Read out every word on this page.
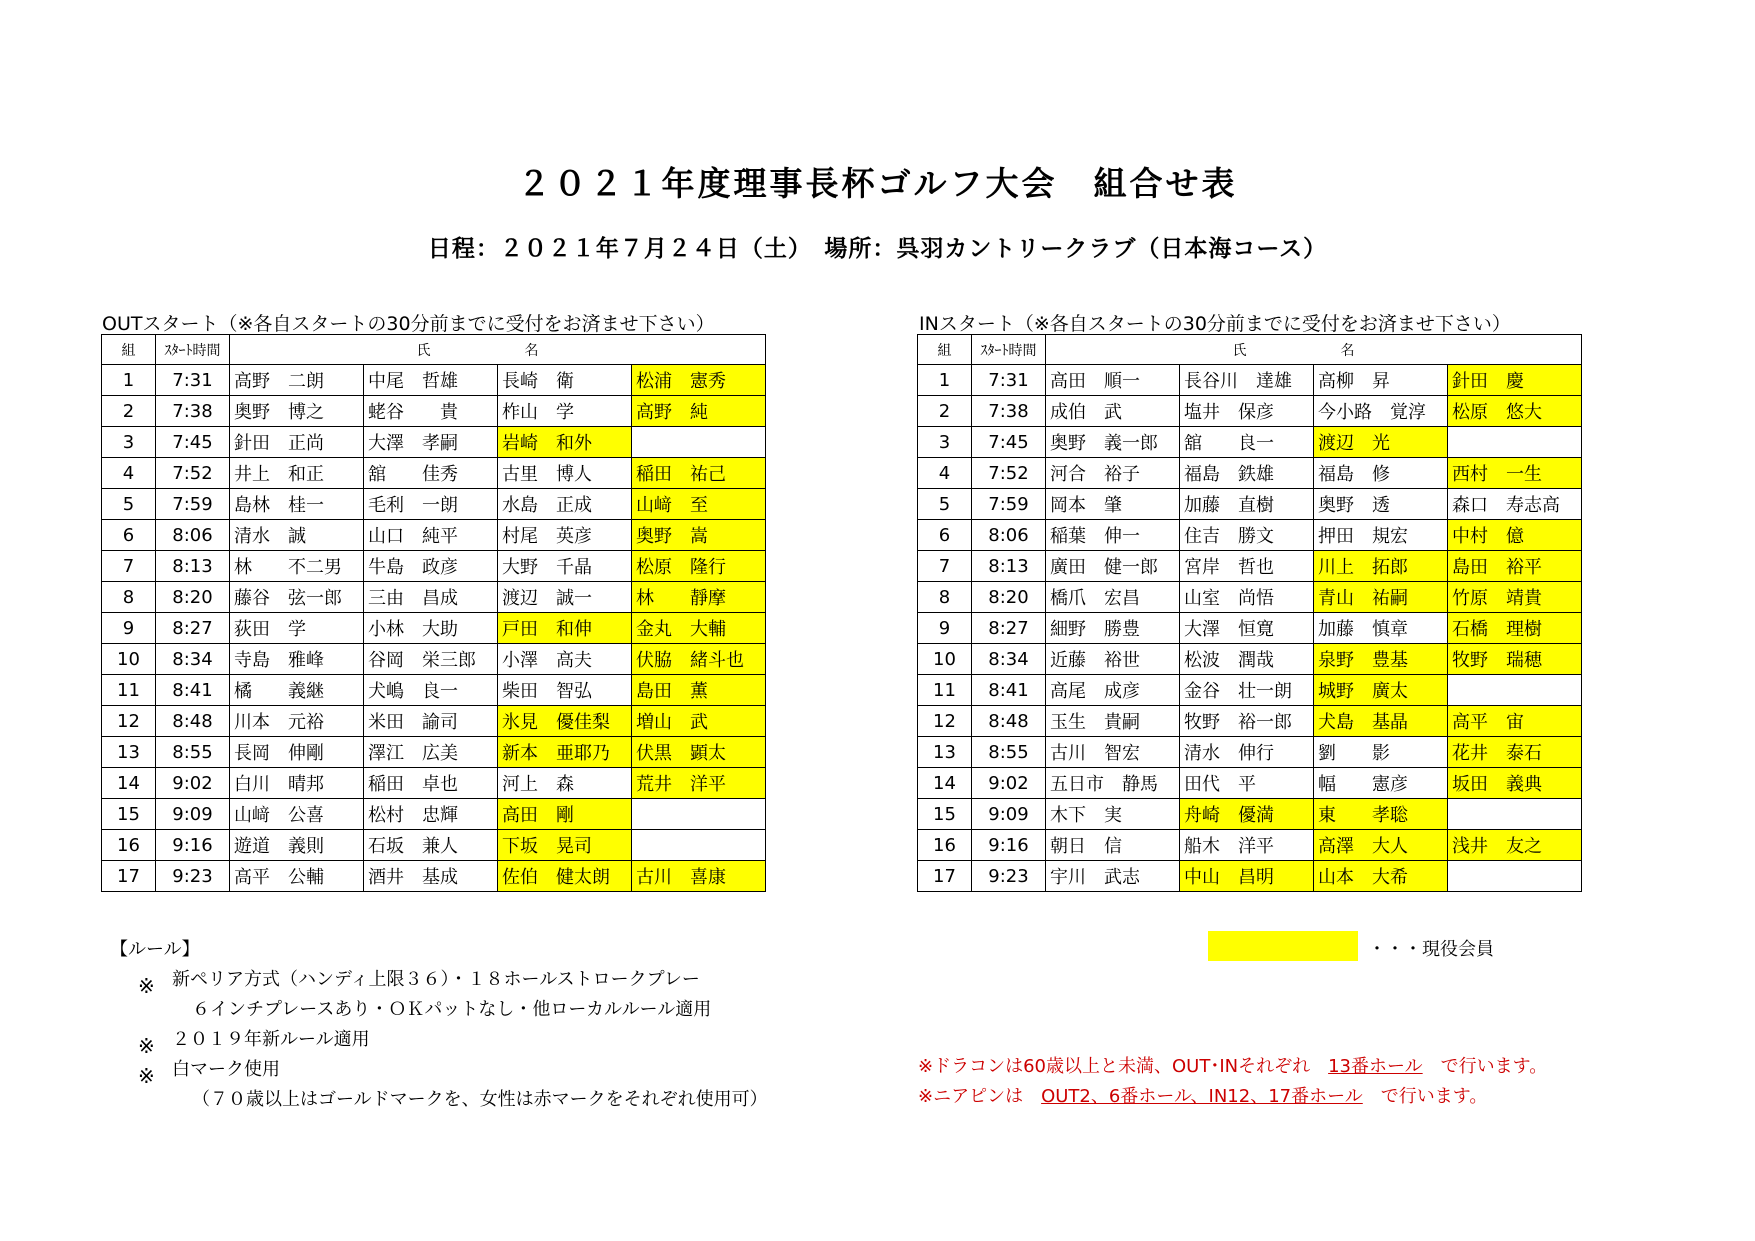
２０２１年度理事長杯ゴルフ大会　組合せ表
日程：２０２１年７月２４日（土）　場所：呉羽カントリークラブ（日本海コース）
OUTスタート（※各自スタートの30分前までに受付をお済ませ下さい）
組	ｽﾀｰﾄ時間	氏　名			
1	7:31	高野　二朗	中尾　哲雄	長崎　衛	松浦　憲秀
2	7:38	奥野　博之	蛯谷　　貴	柞山　学	高野　純
3	7:45	針田　正尚	大澤　孝嗣	岩崎　和外	
4	7:52	井上　和正	舘　　佳秀	古里　博人	稲田　祐己
5	7:59	島林　桂一	毛利　一朗	水島　正成	山﨑　至
6	8:06	清水　誠	山口　純平	村尾　英彦	奥野　嵩
7	8:13	林　　不二男	牛島　政彦	大野　千晶	松原　隆行
8	8:20	藤谷　弦一郎	三由　昌成	渡辺　誠一	林　　靜摩
9	8:27	荻田　学	小林　大助	戸田　和伸	金丸　大輔
10	8:34	寺島　雅峰	谷岡　栄三郎	小澤　高夫	伏脇　緒斗也
11	8:41	橘　　義継	犬嶋　良一	柴田　智弘	島田　薫
12	8:48	川本　元裕	米田　諭司	氷見　優佳梨	増山　武
13	8:55	長岡　伸剛	澤江　広美	新本　亜耶乃	伏黒　顕太
14	9:02	白川　晴邦	稲田　卓也	河上　森	荒井　洋平
15	9:09	山﨑　公喜	松村　忠輝	高田　剛	
16	9:16	遊道　義則	石坂　兼人	下坂　晃司	
17	9:23	高平　公輔	酒井　基成	佐伯　健太朗	古川　喜康
INスタート（※各自スタートの30分前までに受付をお済ませ下さい）
組	ｽﾀｰﾄ時間	氏　名			
1	7:31	高田　順一	長谷川　達雄	高柳　昇	針田　慶
2	7:38	成伯　武	塩井　保彦	今小路　覚淳	松原　悠大
3	7:45	奥野　義一郎	舘　　良一	渡辺　光	
4	7:52	河合　裕子	福島　鉄雄	福島　修	西村　一生
5	7:59	岡本　肇	加藤　直樹	奥野　透	森口　寿志高
6	8:06	稲葉　伸一	住吉　勝文	押田　規宏	中村　億
7	8:13	廣田　健一郎	宮岸　哲也	川上　拓郎	島田　裕平
8	8:20	橋爪　宏昌	山室　尚悟	青山　祐嗣	竹原　靖貴
9	8:27	細野　勝豊	大澤　恒寛	加藤　慎章	石橋　理樹
10	8:34	近藤　裕世	松波　潤哉	泉野　豊基	牧野　瑞穂
11	8:41	高尾　成彦	金谷　壮一朗	城野　廣太	
12	8:48	玉生　貴嗣	牧野　裕一郎	犬島　基晶	高平　宙
13	8:55	古川　智宏	清水　伸行	劉　　影	花井　泰石
14	9:02	五日市　静馬	田代　平	幅　　憲彦	坂田　義典
15	9:09	木下　実	舟崎　優満	東　　孝聡	
16	9:16	朝日　信	船木　洋平	高澤　大人	浅井　友之
17	9:23	宇川　武志	中山　昌明	山本　大希	
【ルール】
※ 新ペリア方式（ハンディ上限３６）・１８ホールストロークプレー
６インチプレースあり・ＯＫパットなし・他ローカルルール適用
※ ２０１９年新ルール適用
※ 白マーク使用
（７０歳以上はゴールドマークを、女性は赤マークをそれぞれ使用可）
・・・現役会員
※ドラコンは60歳以上と未満、OUT･INそれぞれ　13番ホール　で行います。
※ニアピンは　OUT2、6番ホール、IN12、17番ホール　で行います。
